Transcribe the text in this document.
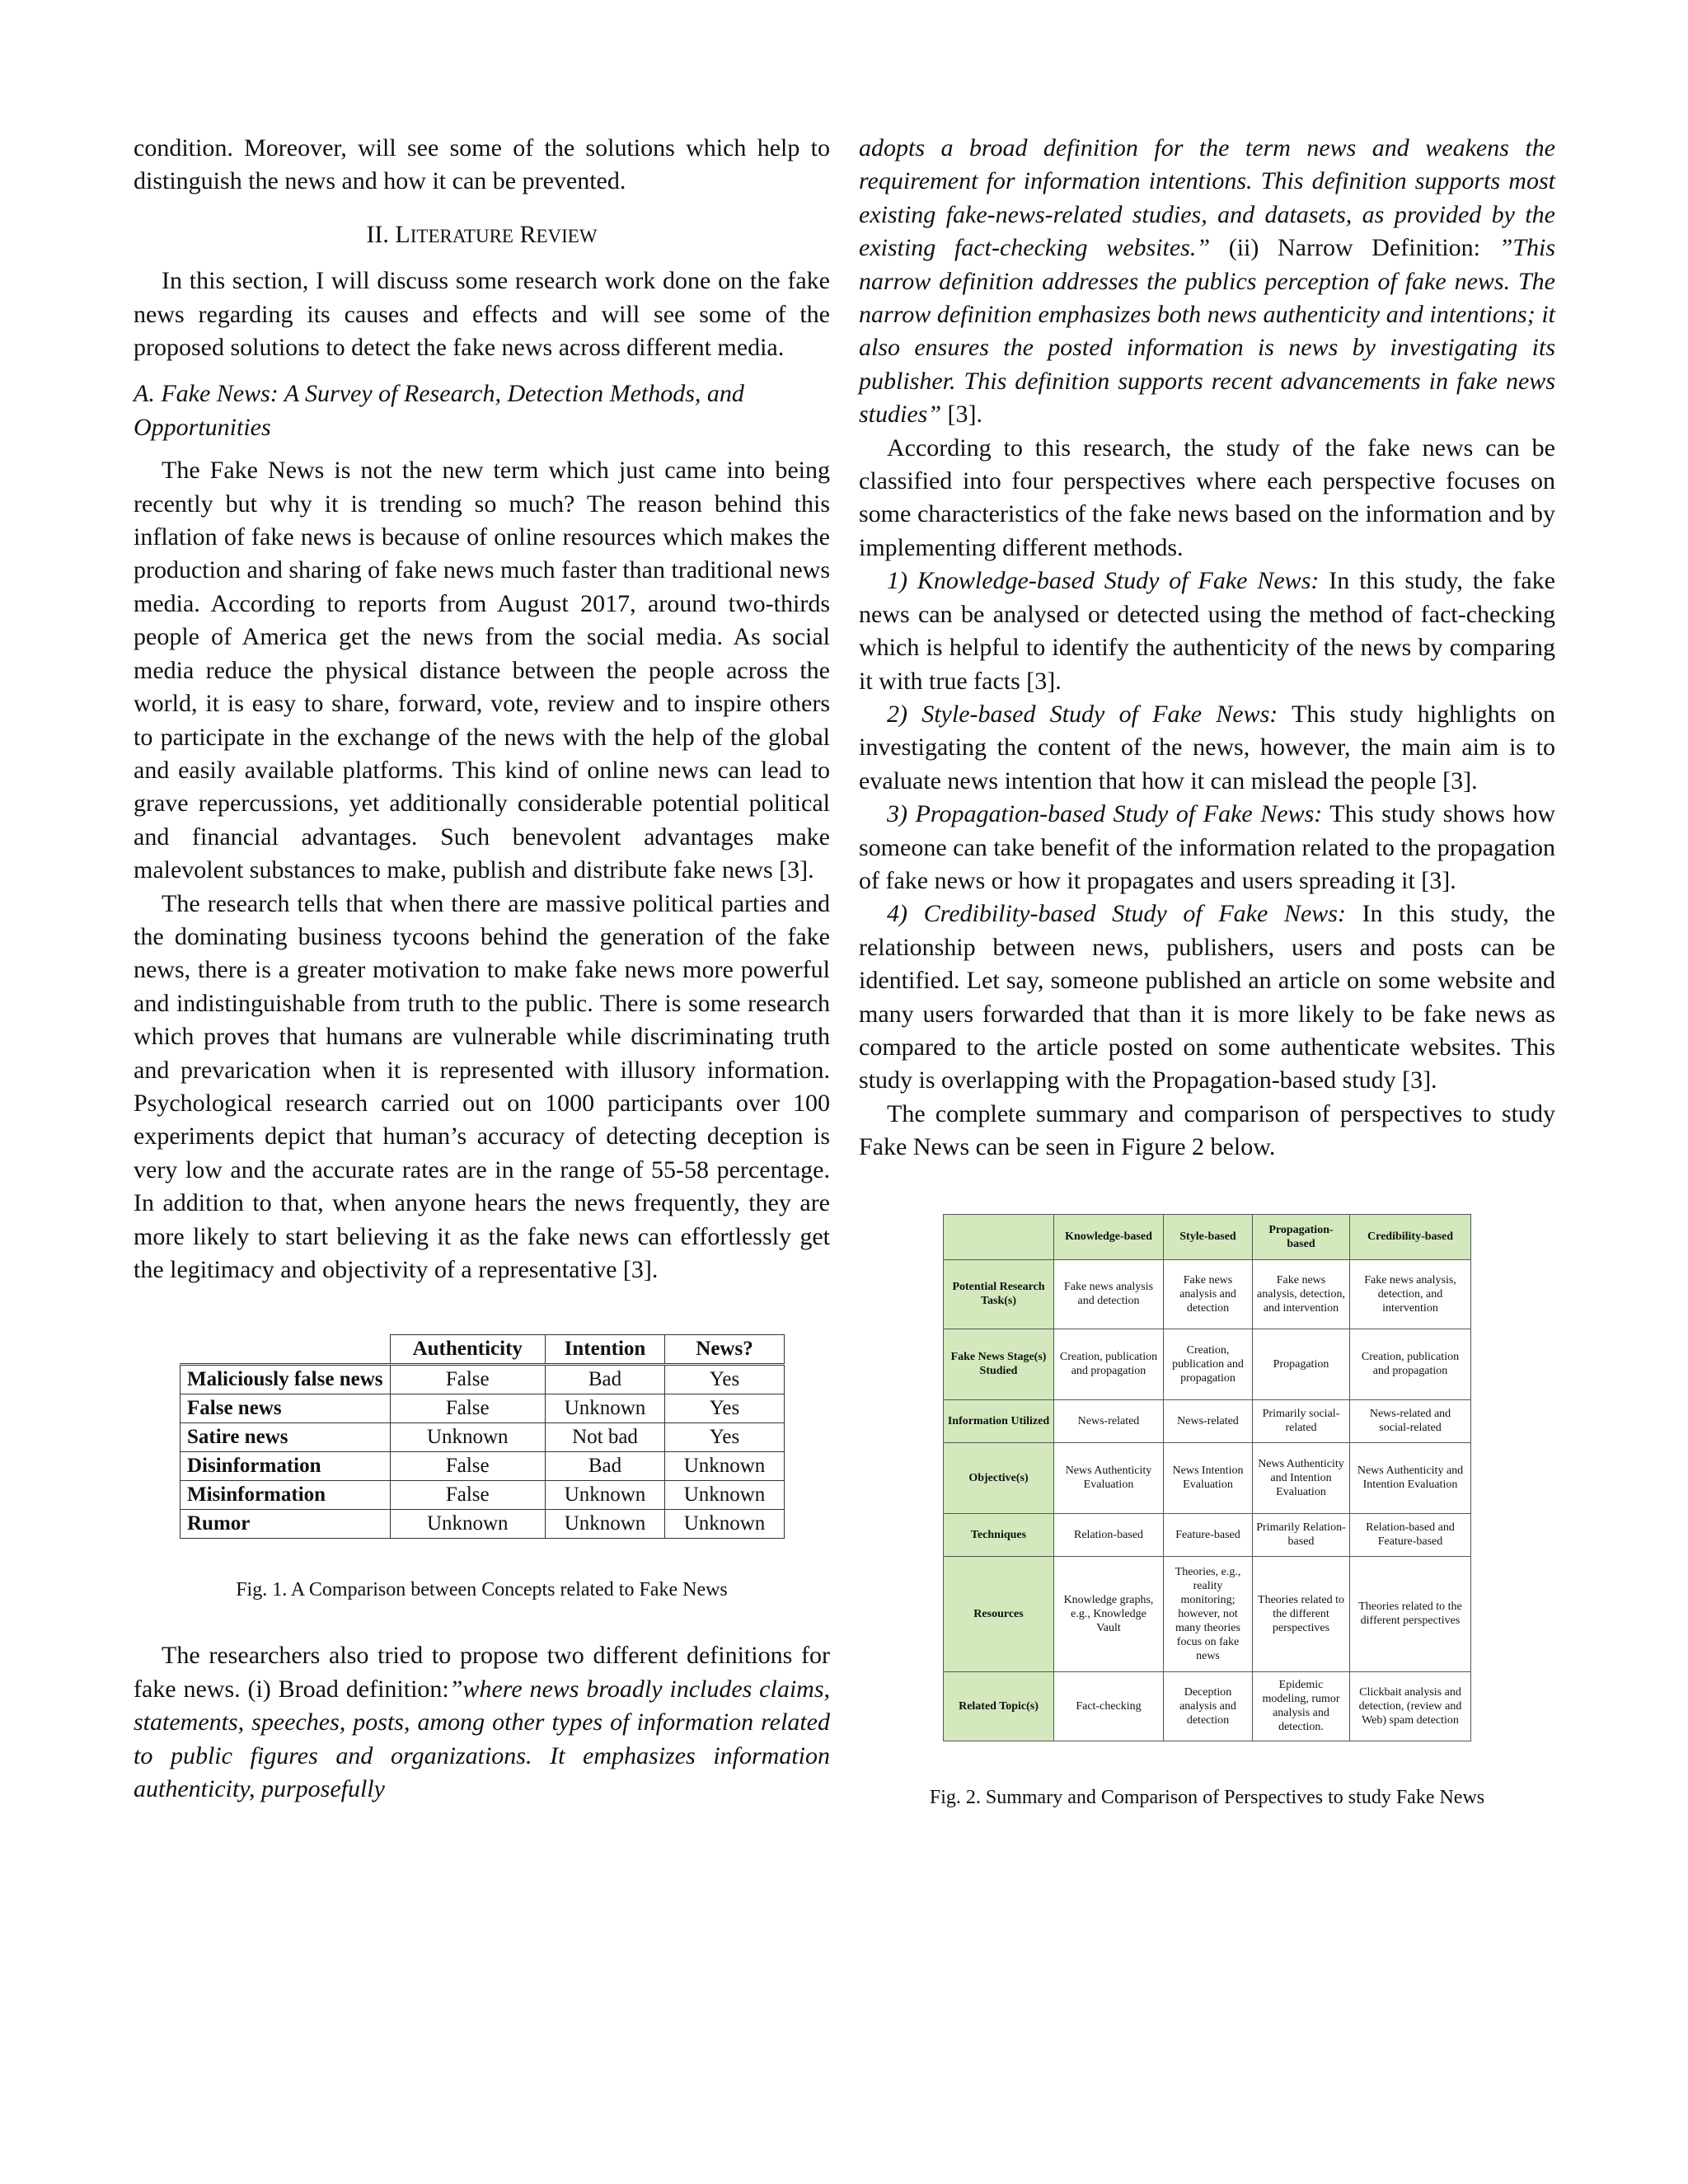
condition. Moreover, will see some of the solutions which help to distinguish the news and how it can be prevented.

II. LITERATURE REVIEW

In this section, I will discuss some research work done on the fake news regarding its causes and effects and will see some of the proposed solutions to detect the fake news across different media.

A. Fake News: A Survey of Research, Detection Methods, and Opportunities

The Fake News is not the new term which just came into being recently but why it is trending so much? The reason behind this inflation of fake news is because of online resources which makes the production and sharing of fake news much faster than traditional news media. According to reports from August 2017, around two-thirds people of America get the news from the social media. As social media reduce the physical distance between the people across the world, it is easy to share, forward, vote, review and to inspire others to participate in the exchange of the news with the help of the global and easily available platforms. This kind of online news can lead to grave repercussions, yet additionally considerable potential political and financial advantages. Such benevolent advantages make malevolent substances to make, publish and distribute fake news [3].

The research tells that when there are massive political parties and the dominating business tycoons behind the generation of the fake news, there is a greater motivation to make fake news more powerful and indistinguishable from truth to the public. There is some research which proves that humans are vulnerable while discriminating truth and prevarication when it is represented with illusory information. Psychological research carried out on 1000 participants over 100 experiments depict that human’s accuracy of detecting deception is very low and the accurate rates are in the range of 55-58 percentage. In addition to that, when anyone hears the news frequently, they are more likely to start believing it as the fake news can effortlessly get the legitimacy and objectivity of a representative [3].

	Authenticity	Intention	News?
Maliciously false news	False	Bad	Yes
False news	False	Unknown	Yes
Satire news	Unknown	Not bad	Yes
Disinformation	False	Bad	Unknown
Misinformation	False	Unknown	Unknown
Rumor	Unknown	Unknown	Unknown
Fig. 1. A Comparison between Concepts related to Fake News

The researchers also tried to propose two different definitions for fake news. (i) Broad definition:”where news broadly includes claims, statements, speeches, posts, among other types of information related to public figures and organizations. It emphasizes information authenticity, purposefully

adopts a broad definition for the term news and weakens the requirement for information intentions. This definition supports most existing fake-news-related studies, and datasets, as provided by the existing fact-checking websites.” (ii) Narrow Definition: ”This narrow definition addresses the publics perception of fake news. The narrow definition emphasizes both news authenticity and intentions; it also ensures the posted information is news by investigating its publisher. This definition supports recent advancements in fake news studies” [3].

According to this research, the study of the fake news can be classified into four perspectives where each perspective focuses on some characteristics of the fake news based on the information and by implementing different methods.

1) Knowledge-based Study of Fake News: In this study, the fake news can be analysed or detected using the method of fact-checking which is helpful to identify the authenticity of the news by comparing it with true facts [3].

2) Style-based Study of Fake News: This study highlights on investigating the content of the news, however, the main aim is to evaluate news intention that how it can mislead the people [3].

3) Propagation-based Study of Fake News: This study shows how someone can take benefit of the information related to the propagation of fake news or how it propagates and users spreading it [3].

4) Credibility-based Study of Fake News: In this study, the relationship between news, publishers, users and posts can be identified. Let say, someone published an article on some website and many users forwarded that than it is more likely to be fake news as compared to the article posted on some authenticate websites. This study is overlapping with the Propagation-based study [3].

The complete summary and comparison of perspectives to study Fake News can be seen in Figure 2 below.

	Knowledge-based	Style-based	Propagation-based	Credibility-based
Potential Research Task(s)	Fake news analysis and detection	Fake news analysis and detection	Fake news analysis, detection, and intervention	Fake news analysis, detection, and intervention
Fake News Stage(s) Studied	Creation, publication and propagation	Creation, publication and propagation	Propagation	Creation, publication and propagation
Information Utilized	News-related	News-related	Primarily social-related	News-related and social-related
Objective(s)	News Authenticity Evaluation	News Intention Evaluation	News Authenticity and Intention Evaluation	News Authenticity and Intention Evaluation
Techniques	Relation-based	Feature-based	Primarily Relation-based	Relation-based and Feature-based
Resources	Knowledge graphs, e.g., Knowledge Vault	Theories, e.g., reality monitoring; however, not many theories focus on fake news	Theories related to the different perspectives	Theories related to the different perspectives
Related Topic(s)	Fact-checking	Deception analysis and detection	Epidemic modeling, rumor analysis and detection.	Clickbait analysis and detection, (review and Web) spam detection
Fig. 2. Summary and Comparison of Perspectives to study Fake News
